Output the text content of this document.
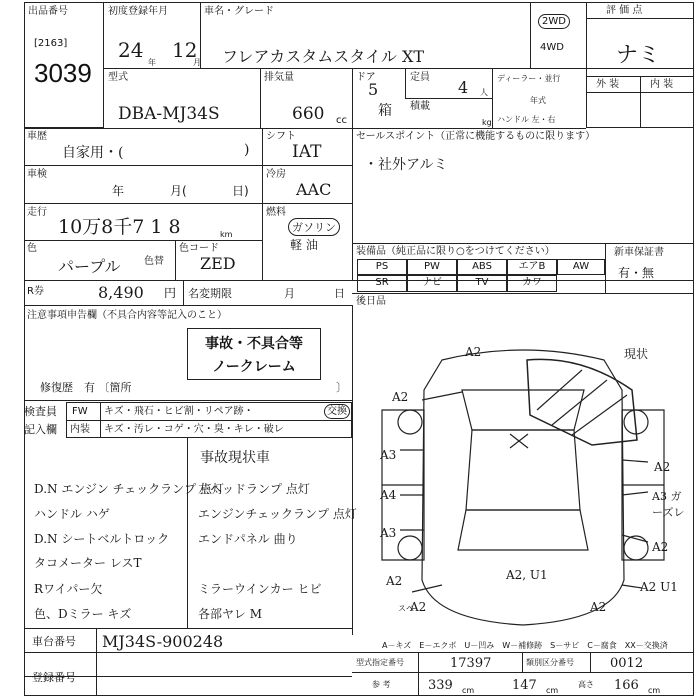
出品番号
[2163]
3039
初度登録年月
24 12
年	月
車名・グレード
フレアカスタムスタイル XT
2WD
4WD
評 価 点
ナミ
外 装	内 装
型式
DBA-MJ34S
排気量
660 cc
ドア
5
定員
4 人
積載
箱
kg
ディーラー・並行
年式
ハンドル 左・右
車歴
自家用・(	)
シフト
IAT
車検
年	月(	日)
冷房
AAC
走行
10万8千7 1 8	km
燃料
ガソリン
軽 油
色
パープル 色替
色コード
ZED
セールスポイント（正常に機能するものに限ります）
・社外アルミ
装備品（純正品に限り○をつけてください）	新車保証書
有・無
PS	PW	ABS	エアB	AW
SR	ナビ	TV	カワ
後日品
R券	8,490 円 名変期限	月	日
注意事項申告欄（不具合内容等記入のこと）
事故・不具合等
ノークレーム
修復歴　有 〔箇所	〕
検査員
記入欄
FW キズ・飛石・ヒビ割・リペア跡・	交換
内装 キズ・汚レ・コゲ・穴・臭・キレ・破レ
事故現状車
D.N エンジン チェックランプ 点灯
ハンドル ハゲ
D.N シートベルトロック
タコメーター レスT
Rワイパー欠
色、Dミラー キズ
左ヘッドランプ 点灯
エンジンチェックランプ 点灯
エンドパネル 曲り
ミラーウインカー ヒビ
各部ヤレ M
A2	現状
A2
A3
A4
A3
A2
A2
A3 ガーズレ
A2
A2 U1
A2, U1
A2	A2
スペ
A－キズ　E－エクボ　U－凹み　W－補修跡　S－サビ　C－腐食　XX－交換済
車台番号 MJ34S-900248
登録番号
型式指定番号	17397	類別区分番号	0012
参 考	339 cm	147 cm
高さ 166 cm
